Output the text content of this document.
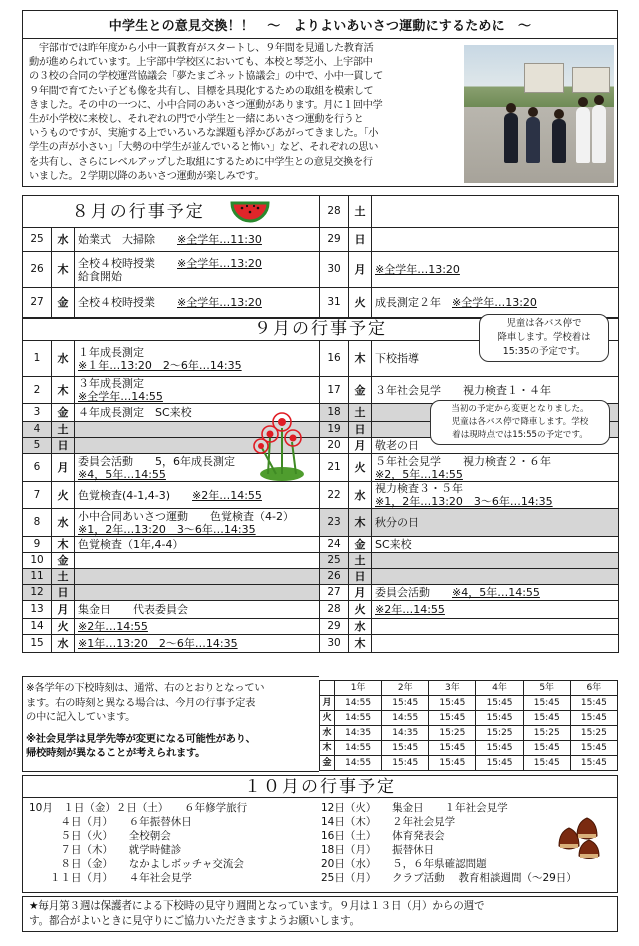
中学生との意見交換！！　～　よりよいあいさつ運動にするために　～
　宇部市では昨年度から小中一貫教育がスタートし、９年間を見通した教育活
動が進められています。上宇部中学校区においても、本校と琴芝小、上宇部中
の３校の合同の学校運営協議会「夢たまごネット協議会」の中で、小中一貫して
９年間で育てたい子ども像を共有し、目標を具現化するための取組を模索して
きました。その中の一つに、小中合同のあいさつ運動があります。月に１回中学
生が小学校に来校し、それぞれの門で小学生と一緒にあいさつ運動を行うと
いうものですが、実施する上でいろいろな課題も浮かびあがってきました。「小
学生の声が小さい」「大勢の中学生が並んでいると怖い」など、それぞれの思い
を共有し、さらにレベルアップした取組にするために中学生との意見交換を行
いました。２学期以降のあいさつ運動が楽しみです。
８月の行事予定			28	土	
25	水	始業式　大掃除　　※全学年…11:30	29	日	
26	木	全校４校時授業　　※全学年…13:20
給食開始	30	月	※全学年…13:20
27	金	全校４校時授業　　※全学年…13:20	31	火	成長測定２年　※全学年…13:20
９月の行事予定					
1	水	１年成長測定
※１年…13:20　2～6年…14:35	16	木	下校指導
2	木	３年成長測定
※全学年…14:55	17	金	３年社会見学　　視力検査１・４年
3	金	４年成長測定　SC来校	18	土	
4	土		19	日	
5	日		20	月	敬老の日
6	月	委員会活動　　5，6年成長測定
※4，5年…14:55	21	火	５年社会見学　　視力検査２・６年
※2，5年…14:55
7	火	色覚検査(4-1,4-3)　　※2年…14:55	22	水	視力検査３・５年
※1，2年…13:20　3～6年…14:35
8	水	小中合同あいさつ運動　　色覚検査（4-2）
※1，2年…13:20　3～6年…14:35	23	木	秋分の日
9	木	色覚検査（1年,4-4）	24	金	SC来校
10	金		25	土	
11	土		26	日	
12	日		27	月	委員会活動　　※4，5年…14:55
13	月	集金日　　代表委員会	28	火	※2年…14:55
14	火	※2年…14:55	29	水	
15	水	※1年…13:20　2～6年…14:35	30	木	
児童は各バス停で
降車します。学校着は
15:35の予定です。
当初の予定から変更となりました。
児童は各バス停で降車します。学校
着は現時点では15:55の予定です。
※各学年の下校時刻は、通常、右のとおりとなってい
ます。右の時刻と異なる場合は、今月の行事予定表
の中に記入しています。
※社会見学は見学先等が変更になる可能性があり、
帰校時刻が異なることが考えられます。
	1年	2年	3年	4年	5年	6年
月	14:55	15:45	15:45	15:45	15:45	15:45
火	14:55	14:55	15:45	15:45	15:45	15:45
水	14:35	14:35	15:25	15:25	15:25	15:25
木	14:55	15:45	15:45	15:45	15:45	15:45
金	14:55	15:45	15:45	15:45	15:45	15:45
１０月の行事予定
10月　１日（金）２日（土）　　６年修学旅行
　　　４日（月）　　６年振替休日
　　　５日（火）　　全校朝会
　　　７日（木）　　就学時健診
　　　８日（金）　　なかよしボッチャ交流会
　　１１日（月）　　４年社会見学
12日（火）　　集金日　　１年社会見学
14日（木）　　２年社会見学
16日（土）　　体育発表会
18日（月）　　振替休日
20日（水）　　５，６年県確認問題
25日（月）　　クラブ活動　 教育相談週間（～29日）
★毎月第３週は保護者による下校時の見守り週間となっています。９月は１３日（月）からの週で
す。都合がよいときに見守りにご協力いただきますようお願いします。
